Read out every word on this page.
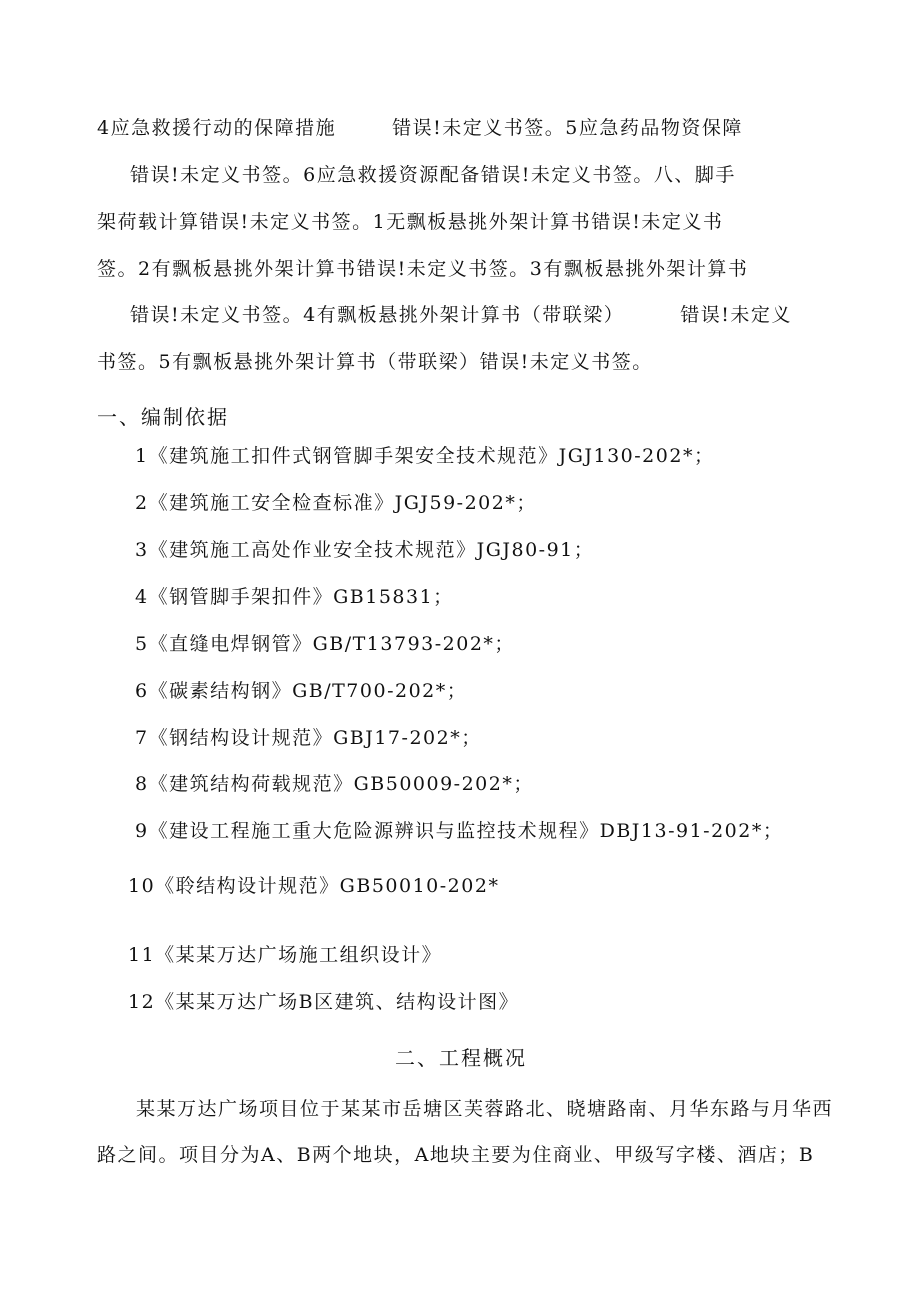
4应急救援行动的保障措施	错误!未定义书签。5应急药品物资保障
错误!未定义书签。6应急救援资源配备错误!未定义书签。八、脚手
架荷载计算错误!未定义书签。1无飘板悬挑外架计算书错误!未定义书
签。2有飘板悬挑外架计算书错误!未定义书签。3有飘板悬挑外架计算书
错误!未定义书签。4有飘板悬挑外架计算书（带联梁）	错误!未定义
书签。5有飘板悬挑外架计算书（带联梁）错误!未定义书签。
一、编制依据
1《建筑施工扣件式钢管脚手架安全技术规范》JGJ130-202*；
2《建筑施工安全检查标准》JGJ59-202*；
3《建筑施工高处作业安全技术规范》JGJ80-91；
4《钢管脚手架扣件》GB15831；
5《直缝电焊钢管》GB/T13793-202*；
6《碳素结构钢》GB/T700-202*；
7《钢结构设计规范》GBJ17-202*；
8《建筑结构荷载规范》GB50009-202*；
9《建设工程施工重大危险源辨识与监控技术规程》DBJ13-91-202*；
10《聆结构设计规范》GB50010-202*
11《某某万达广场施工组织设计》
12《某某万达广场B区建筑、结构设计图》
二、工程概况
某某万达广场项目位于某某市岳塘区芙蓉路北、晓塘路南、月华东路与月华西
路之间。项目分为A、B两个地块，A地块主要为住商业、甲级写字楼、酒店；B
